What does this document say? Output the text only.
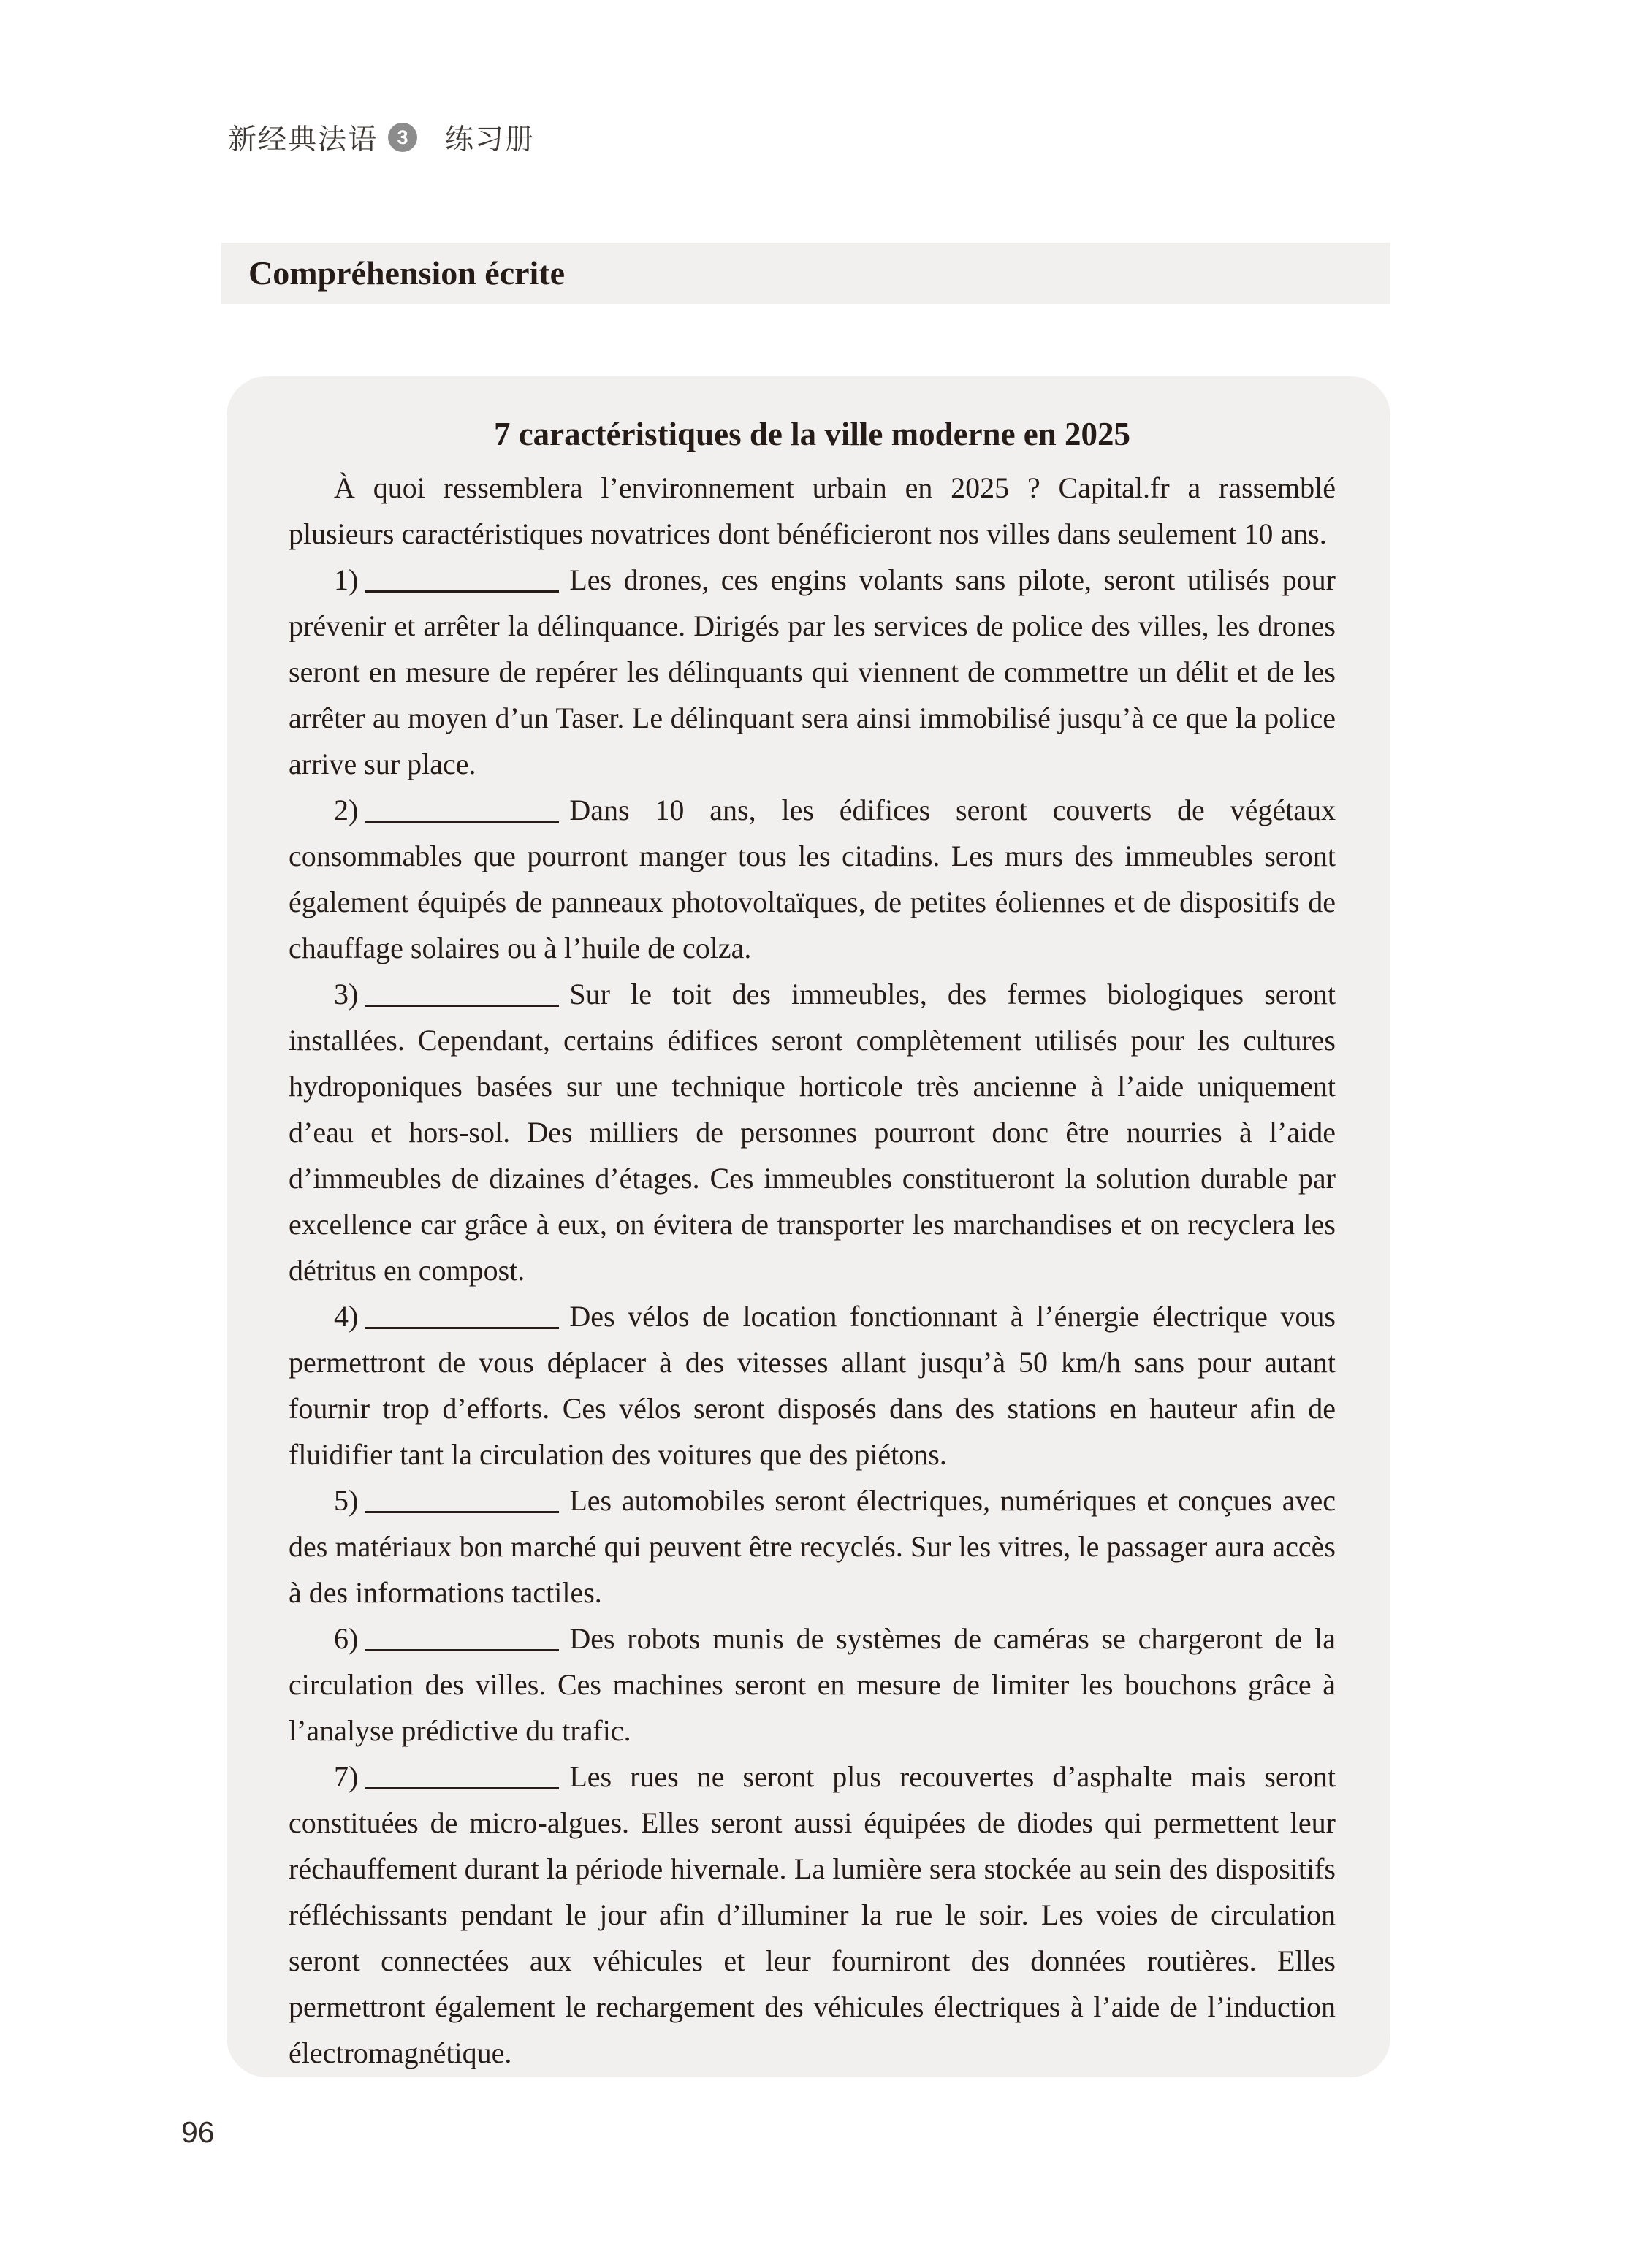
新经典法语 3 练习册
Compréhension écrite
7 caractéristiques de la ville moderne en 2025

À quoi ressemblera l’environnement urbain en 2025 ? Capital.fr a rassemblé plusieurs caractéristiques novatrices dont bénéficieront nos villes dans seulement 10 ans.

1)	Les drones, ces engins volants sans pilote, seront utilisés pour prévenir et arrêter la délinquance. Dirigés par les services de police des villes, les drones seront en mesure de repérer les délinquants qui viennent de commettre un délit et de les arrêter au moyen d’un Taser. Le délinquant sera ainsi immobilisé jusqu’à ce que la police arrive sur place.

2)	Dans 10 ans, les édifices seront couverts de végétaux consommables que pourront manger tous les citadins. Les murs des immeubles seront également équipés de panneaux photovoltaïques, de petites éoliennes et de dispositifs de chauffage solaires ou à l’huile de colza.

3)	Sur le toit des immeubles, des fermes biologiques seront installées. Cependant, certains édifices seront complètement utilisés pour les cultures hydroponiques basées sur une technique horticole très ancienne à l’aide uniquement d’eau et hors-sol. Des milliers de personnes pourront donc être nourries à l’aide d’immeubles de dizaines d’étages. Ces immeubles constitueront la solution durable par excellence car grâce à eux, on évitera de transporter les marchandises et on recyclera les détritus en compost.

4)	Des vélos de location fonctionnant à l’énergie électrique vous permettront de vous déplacer à des vitesses allant jusqu’à 50 km/h sans pour autant fournir trop d’efforts. Ces vélos seront disposés dans des stations en hauteur afin de fluidifier tant la circulation des voitures que des piétons.

5)	Les automobiles seront électriques, numériques et conçues avec des matériaux bon marché qui peuvent être recyclés. Sur les vitres, le passager aura accès à des informations tactiles.

6)	Des robots munis de systèmes de caméras se chargeront de la circulation des villes. Ces machines seront en mesure de limiter les bouchons grâce à l’analyse prédictive du trafic.

7)	Les rues ne seront plus recouvertes d’asphalte mais seront constituées de micro-algues. Elles seront aussi équipées de diodes qui permettent leur réchauffement durant la période hivernale. La lumière sera stockée au sein des dispositifs réfléchissants pendant le jour afin d’illuminer la rue le soir. Les voies de circulation seront connectées aux véhicules et leur fourniront des données routières. Elles permettront également le rechargement des véhicules électriques à l’aide de l’induction électromagnétique.

96
